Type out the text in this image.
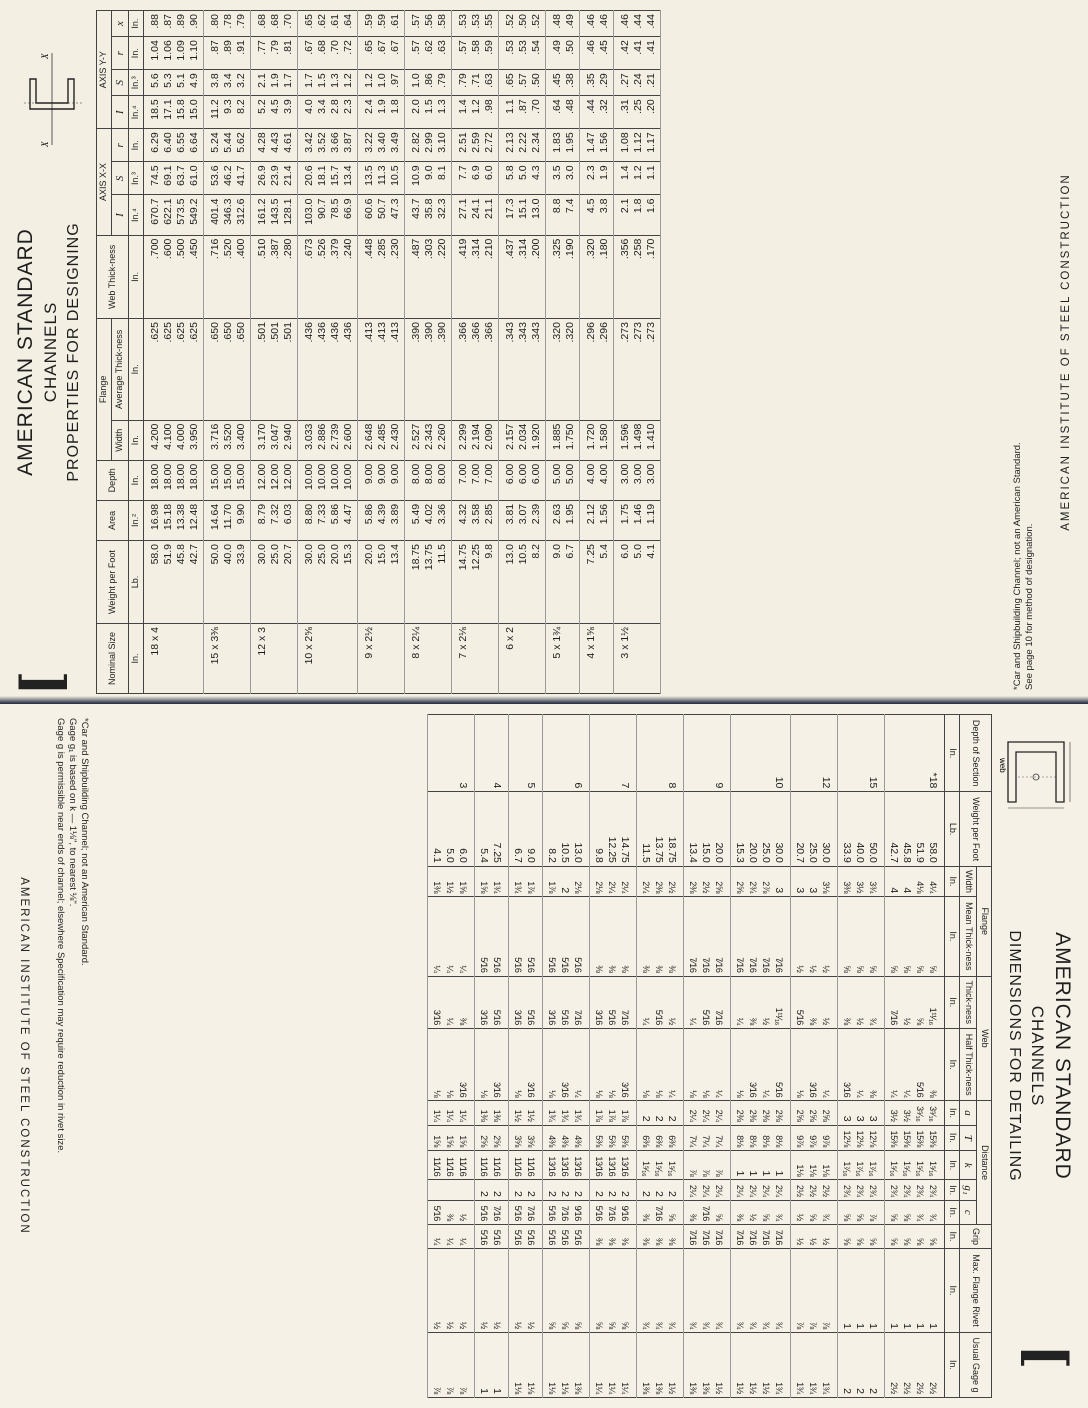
[
AMERICAN STANDARD CHANNELS PROPERTIES FOR DESIGNING
X
X
Nominal Size	Weight per Foot	Area	Depth	Flange		Web Thick-ness	AXIS X-X			AXIS Y-Y			
				Width	Average Thick-ness		I	S	r	I	S	r	x
In.	Lb.	In.²	In.	In.	In.	In.	In.⁴	In.³	In.	In.⁴	In.³	In.	In.
18 x 4	58.0	16.98	18.00	4.200	.625	.700	670.7	74.5	6.29	18.5	5.6	1.04	.88
	51.9	15.18	18.00	4.100	.625	.600	622.1	69.1	6.40	17.1	5.3	1.06	.87
	45.8	13.38	18.00	4.000	.625	.500	573.5	63.7	6.55	15.8	5.1	1.09	.89
	42.7	12.48	18.00	3.950	.625	.450	549.2	61.0	6.64	15.0	4.9	1.10	.90
15 x 3⅜	50.0	14.64	15.00	3.716	.650	.716	401.4	53.6	5.24	11.2	3.8	.87	.80
	40.0	11.70	15.00	3.520	.650	.520	346.3	46.2	5.44	9.3	3.4	.89	.78
	33.9	9.90	15.00	3.400	.650	.400	312.6	41.7	5.62	8.2	3.2	.91	.79
12 x 3	30.0	8.79	12.00	3.170	.501	.510	161.2	26.9	4.28	5.2	2.1	.77	.68
	25.0	7.32	12.00	3.047	.501	.387	143.5	23.9	4.43	4.5	1.9	.79	.68
	20.7	6.03	12.00	2.940	.501	.280	128.1	21.4	4.61	3.9	1.7	.81	.70
10 x 2⅝	30.0	8.80	10.00	3.033	.436	.673	103.0	20.6	3.42	4.0	1.7	.67	.65
	25.0	7.33	10.00	2.886	.436	.526	90.7	18.1	3.52	3.4	1.5	.68	.62
	20.0	5.86	10.00	2.739	.436	.379	78.5	15.7	3.66	2.8	1.3	.70	.61
	15.3	4.47	10.00	2.600	.436	.240	66.9	13.4	3.87	2.3	1.2	.72	.64
9 x 2½	20.0	5.86	9.00	2.648	.413	.448	60.6	13.5	3.22	2.4	1.2	.65	.59
	15.0	4.39	9.00	2.485	.413	.285	50.7	11.3	3.40	1.9	1.0	.67	.59
	13.4	3.89	9.00	2.430	.413	.230	47.3	10.5	3.49	1.8	.97	.67	.61
8 x 2¼	18.75	5.49	8.00	2.527	.390	.487	43.7	10.9	2.82	2.0	1.0	.57	.57
	13.75	4.02	8.00	2.343	.390	.303	35.8	9.0	2.99	1.5	.86	.62	.56
	11.5	3.36	8.00	2.260	.390	.220	32.3	8.1	3.10	1.3	.79	.63	.58
7 x 2⅛	14.75	4.32	7.00	2.299	.366	.419	27.1	7.7	2.51	1.4	.79	.57	.53
	12.25	3.58	7.00	2.194	.366	.314	24.1	6.9	2.59	1.2	.71	.58	.53
	9.8	2.85	7.00	2.090	.366	.210	21.1	6.0	2.72	.98	.63	.59	.55
6 x 2	13.0	3.81	6.00	2.157	.343	.437	17.3	5.8	2.13	1.1	.65	.53	.52
	10.5	3.07	6.00	2.034	.343	.314	15.1	5.0	2.22	.87	.57	.53	.50
	8.2	2.39	6.00	1.920	.343	.200	13.0	4.3	2.34	.70	.50	.54	.52
5 x 1¾	9.0	2.63	5.00	1.885	.320	.325	8.8	3.5	1.83	.64	.45	.49	.48
	6.7	1.95	5.00	1.750	.320	.190	7.4	3.0	1.95	.48	.38	.50	.49
4 x 1⅝	7.25	2.12	4.00	1.720	.296	.320	4.5	2.3	1.47	.44	.35	.46	.46
	5.4	1.56	4.00	1.580	.296	.180	3.8	1.9	1.56	.32	.29	.45	.46
3 x 1½	6.0	1.75	3.00	1.596	.273	.356	2.1	1.4	1.08	.31	.27	.42	.46
	5.0	1.46	3.00	1.498	.273	.258	1.8	1.2	1.12	.25	.24	.41	.44
	4.1	1.19	3.00	1.410	.273	.170	1.6	1.1	1.17	.20	.21	.41	.44
*Car and Shipbuilding Channel; not an American Standard. See page 10 for method of designation.
AMERICAN INSTITUTE OF STEEL CONSTRUCTION
[
AMERICAN STANDARD
CHANNELS
DIMENSIONS FOR DETAILING
web
Depth of Section	Weight per Foot	Flange		Web		Distance					Grip	Max. Flange Rivet	Usual Gage g
		Width	Mean Thick-ness	Thick-ness	Half Thick-ness	a	T	k	g₁	c			
In.	Lb.	In.	In.	In.	In.	In.	In.	In.	In.	In.	In.	In.	In.
*18	58.0	4¼	⅝	1¹¹⁄₁₆	⅜	3⁵⁄₁₆	15⅜	1⁵⁄₁₆	2¾	¾	⅝	1	2½
	51.9	4⅛	⅝	⅝	5⁄16	3⁵⁄₁₆	15⅜	1⁵⁄₁₆	2¾	¾	⅝	1	2½
	45.8	4	⅝	½	¼	3½	15⅜	1⁵⁄₁₆	2¾	⅝	⅝	1	2½
	42.7	4	⅝	7⁄16	¼	3½	15⅜	1⁵⁄₁₆	2¾	⅝	⅝	1	2½
15	50.0	3¾	⅝	¾	⅜	3	12⅛	1⁷⁄₁₆	2¾	⅞	⅝	1	2
	40.0	3½	⅝	½	¼	3	12⅛	1⁷⁄₁₆	2¾	⅝	⅝	1	2
	33.9	3⅜	⅝	⅜	3⁄16	3	12⅛	1⁷⁄₁₆	2¾	⅝	⅝	1	2
12	30.0	3⅛	½	½	¼	2⅝	9⅞	1⅛	2½	¾	½	⅞	1¾
	25.0	3	½	⅜	3⁄16	2⅝	9⅞	1⅛	2½	⅝	½	⅞	1¾
	20.7	3	½	5⁄16	⅛	2⅝	9⅞	1⅛	2½	½	½	⅞	1¾
10	30.0	3	7⁄16	1¹¹⁄₁₆	5⁄16	2⅜	8⅛	1	2¼	¾	7⁄16	¾	1¾
	25.0	2⅞	7⁄16	½	¼	2⅜	8⅛	1	2¼	⅝	7⁄16	¾	1½
	20.0	2¾	7⁄16	⅜	3⁄16	2⅜	8⅛	1	2¼	½	7⁄16	¾	1½
	15.3	2⅝	7⁄16	¼	⅛	2⅜	8⅛	1	2¼	⅜	7⁄16	¾	1½
9	20.0	2⅝	7⁄16	7⁄16	¼	2¼	7¼	⅞	2¼	⅝	7⁄16	¾	1½
	15.0	2½	7⁄16	5⁄16	⅛	2¼	7¼	⅞	2¼	7⁄16	7⁄16	¾	1⅜
	13.4	2⅜	7⁄16	¼	⅛	2¼	7¼	⅞	2¼	⅜	7⁄16	¾	1⅜
8	18.75	2½	⅜	½	¼	2	6⅜	1⁵⁄₁₆	2	⅝	⅜	¾	1½
	13.75	2⅜	⅜	5⁄16	⅛	2	6⅜	1⁵⁄₁₆	2	7⁄16	⅜	¾	1⅜
	11.5	2¼	⅜	¼	⅛	2	6⅜	1⁵⁄₁₆	2	⅜	⅜	¾	1⅜
7	14.75	2¼	⅜	7⁄16	3⁄16	1⅞	5⅜	13⁄16	2	9⁄16	⅜	⅝	1¼
	12.25	2¼	⅜	5⁄16	⅛	1⅞	5⅜	13⁄16	2	7⁄16	⅜	⅝	1¼
	9.8	2⅛	⅜	3⁄16	⅛	1⅞	5⅜	13⁄16	2	5⁄16	⅜	⅝	1¼
6	13.0	2⅛	5⁄16	7⁄16	¼	1¾	4⅜	13⁄16	2	9⁄16	5⁄16	⅝	1⅜
	10.5	2	5⁄16	5⁄16	3⁄16	1¾	4⅜	13⁄16	2	7⁄16	5⁄16	⅝	1⅛
	8.2	1⅞	5⁄16	3⁄16	⅛	1¾	4⅜	13⁄16	2	5⁄16	5⁄16	⅝	1⅛
5	9.0	1⅞	5⁄16	5⁄16	3⁄16	1½	3⅝	11⁄16	2	7⁄16	5⁄16	½	1⅛
	6.7	1¾	5⁄16	3⁄16	⅛	1½	3⅝	11⁄16	2	5⁄16	5⁄16	½	1⅛
4	7.25	1¾	5⁄16	5⁄16	3⁄16	1⅜	2⅝	11⁄16	2	7⁄16	5⁄16	½	1
	5.4	1⅝	5⁄16	3⁄16	⅛	1⅜	2⅝	11⁄16	2	5⁄16	5⁄16	½	1
3	6.0	1⅝	¼	⅜	3⁄16	1¼	1⅝	11⁄16		½	¼	½	⅞
	5.0	1½	¼	¼	⅛	1¼	1⅝	11⁄16		⅜	¼	½	⅞
	4.1	1⅜	¼	3⁄16	⅛	1¼	1⅝	11⁄16		5⁄16	¼	½	⅞
*Car and Shipbuilding Channel; not an American Standard.
Gage g₁ is based on k — 1⅛", to nearest ⅛".
Gage g is permissible near ends of channel; elsewhere Specification may require reduction in rivet size.
AMERICAN INSTITUTE OF STEEL CONSTRUCTION
